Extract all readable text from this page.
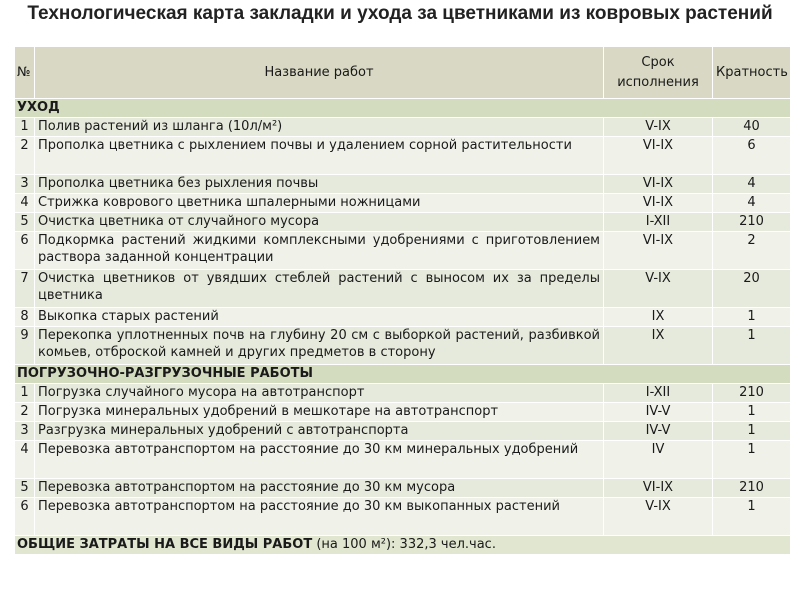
Технологическая карта закладки и ухода за цветниками из ковровых растений
№	Название работ	Срок исполнения	Кратность
УХОД			
1	Полив растений из шланга (10л/м²)	V-IX	40
2	Прополка цветника с рыхлением почвы и удалением сорной растительности	VI-IX	6
3	Прополка цветника без рыхления почвы	VI-IX	4
4	Стрижка коврового цветника шпалерными ножницами	VI-IX	4
5	Очистка цветника от случайного мусора	I-XII	210
6	Подкормка растений жидкими комплексными удобрениями с приготовлением раствора заданной концентрации	VI-IX	2
7	Очистка цветников от увядших стеблей растений с выносом их за пределы цветника	V-IX	20
8	Выкопка старых растений	IX	1
9	Перекопка уплотненных почв на глубину 20 см с выборкой растений, разбивкой комьев, отброской камней и других предметов в сторону	IX	1
ПОГРУЗОЧНО-РАЗГРУЗОЧНЫЕ РАБОТЫ			
1	Погрузка случайного мусора на автотранспорт	I-XII	210
2	Погрузка минеральных удобрений в мешкотаре на автотранспорт	IV-V	1
3	Разгрузка минеральных удобрений с автотранспорта	IV-V	1
4	Перевозка автотранспортом на расстояние до 30 км минеральных удобрений	IV	1
5	Перевозка автотранспортом на расстояние до 30 км мусора	VI-IX	210
6	Перевозка автотранспортом на расстояние до 30 км выкопанных растений	V-IX	1
ОБЩИЕ ЗАТРАТЫ НА ВСЕ ВИДЫ РАБОТ (на 100 м²): 332,3 чел.час.			
